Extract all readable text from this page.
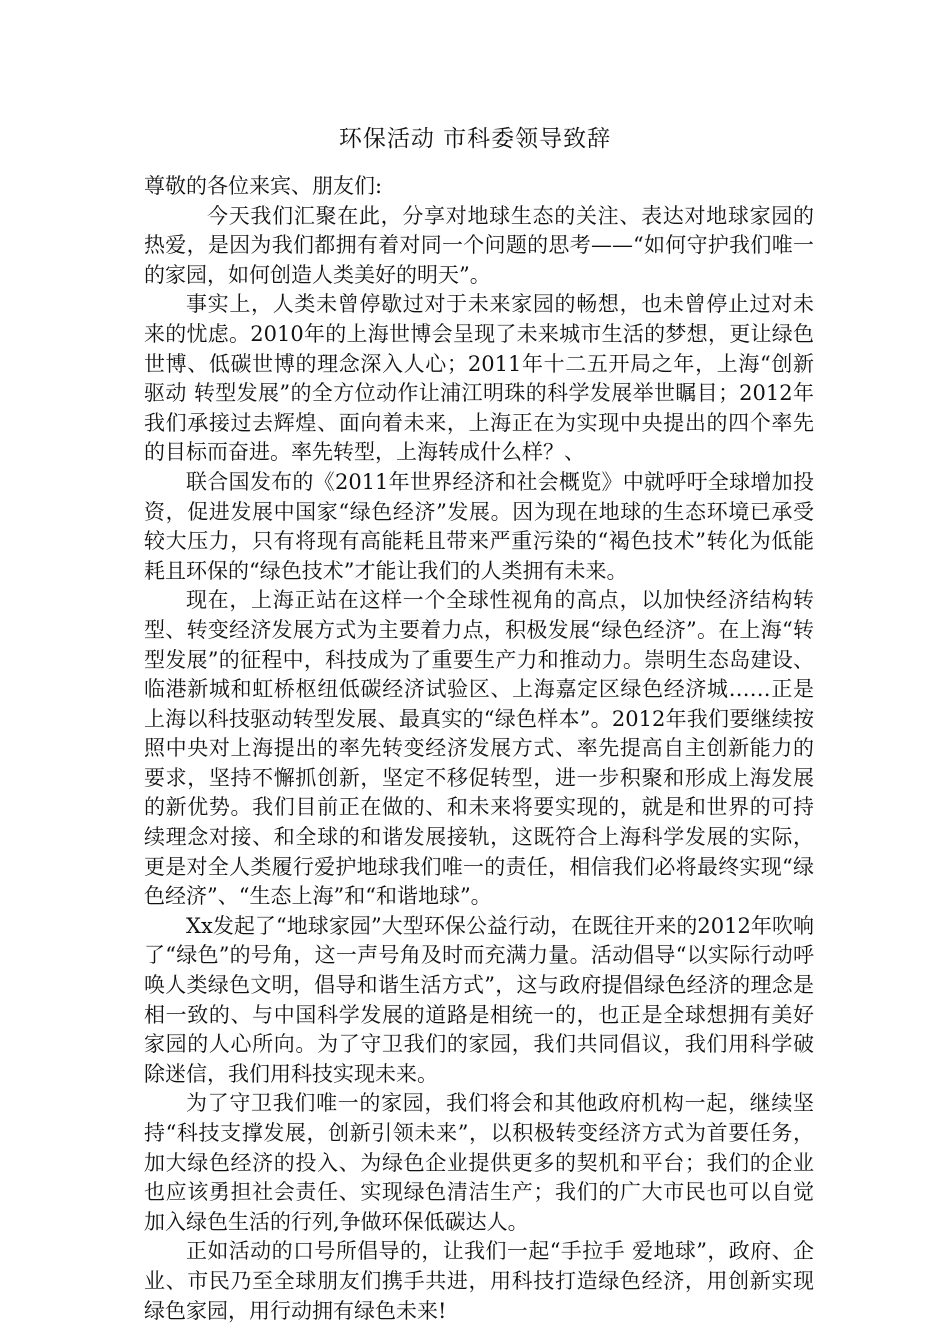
环保活动 市科委领导致辞

尊敬的各位来宾、朋友们:

今天我们汇聚在此，分享对地球生态的关注、表达对地球家园的热爱，是因为我们都拥有着对同一个问题的思考——“如何守护我们唯一的家园，如何创造人类美好的明天”。

事实上，人类未曾停歇过对于未来家园的畅想，也未曾停止过对未来的忧虑。2010年的上海世博会呈现了未来城市生活的梦想，更让绿色世博、低碳世博的理念深入人心；2011年十二五开局之年，上海“创新驱动 转型发展”的全方位动作让浦江明珠的科学发展举世瞩目；2012年我们承接过去辉煌、面向着未来，上海正在为实现中央提出的四个率先的目标而奋进。率先转型，上海转成什么样？、

联合国发布的《2011年世界经济和社会概览》中就呼吁全球增加投资，促进发展中国家“绿色经济”发展。因为现在地球的生态环境已承受较大压力，只有将现有高能耗且带来严重污染的“褐色技术”转化为低能耗且环保的“绿色技术”才能让我们的人类拥有未来。

现在，上海正站在这样一个全球性视角的高点，以加快经济结构转型、转变经济发展方式为主要着力点，积极发展“绿色经济”。在上海“转型发展”的征程中，科技成为了重要生产力和推动力。崇明生态岛建设、临港新城和虹桥枢纽低碳经济试验区、上海嘉定区绿色经济城……正是上海以科技驱动转型发展、最真实的“绿色样本”。2012年我们要继续按照中央对上海提出的率先转变经济发展方式、率先提高自主创新能力的要求，坚持不懈抓创新，坚定不移促转型，进一步积聚和形成上海发展的新优势。我们目前正在做的、和未来将要实现的，就是和世界的可持续理念对接、和全球的和谐发展接轨，这既符合上海科学发展的实际，更是对全人类履行爱护地球我们唯一的责任，相信我们必将最终实现“绿色经济”、“生态上海”和“和谐地球”。

Xx发起了“地球家园”大型环保公益行动，在既往开来的2012年吹响了“绿色”的号角，这一声号角及时而充满力量。活动倡导“以实际行动呼唤人类绿色文明，倡导和谐生活方式”，这与政府提倡绿色经济的理念是相一致的、与中国科学发展的道路是相统一的，也正是全球想拥有美好家园的人心所向。为了守卫我们的家园，我们共同倡议，我们用科学破除迷信，我们用科技实现未来。

为了守卫我们唯一的家园，我们将会和其他政府机构一起，继续坚持“科技支撑发展，创新引领未来”，以积极转变经济方式为首要任务，加大绿色经济的投入、为绿色企业提供更多的契机和平台；我们的企业也应该勇担社会责任、实现绿色清洁生产；我们的广大市民也可以自觉加入绿色生活的行列,争做环保低碳达人。

正如活动的口号所倡导的，让我们一起“手拉手 爱地球”，政府、企业、市民乃至全球朋友们携手共进，用科技打造绿色经济，用创新实现绿色家园，用行动拥有绿色未来!
